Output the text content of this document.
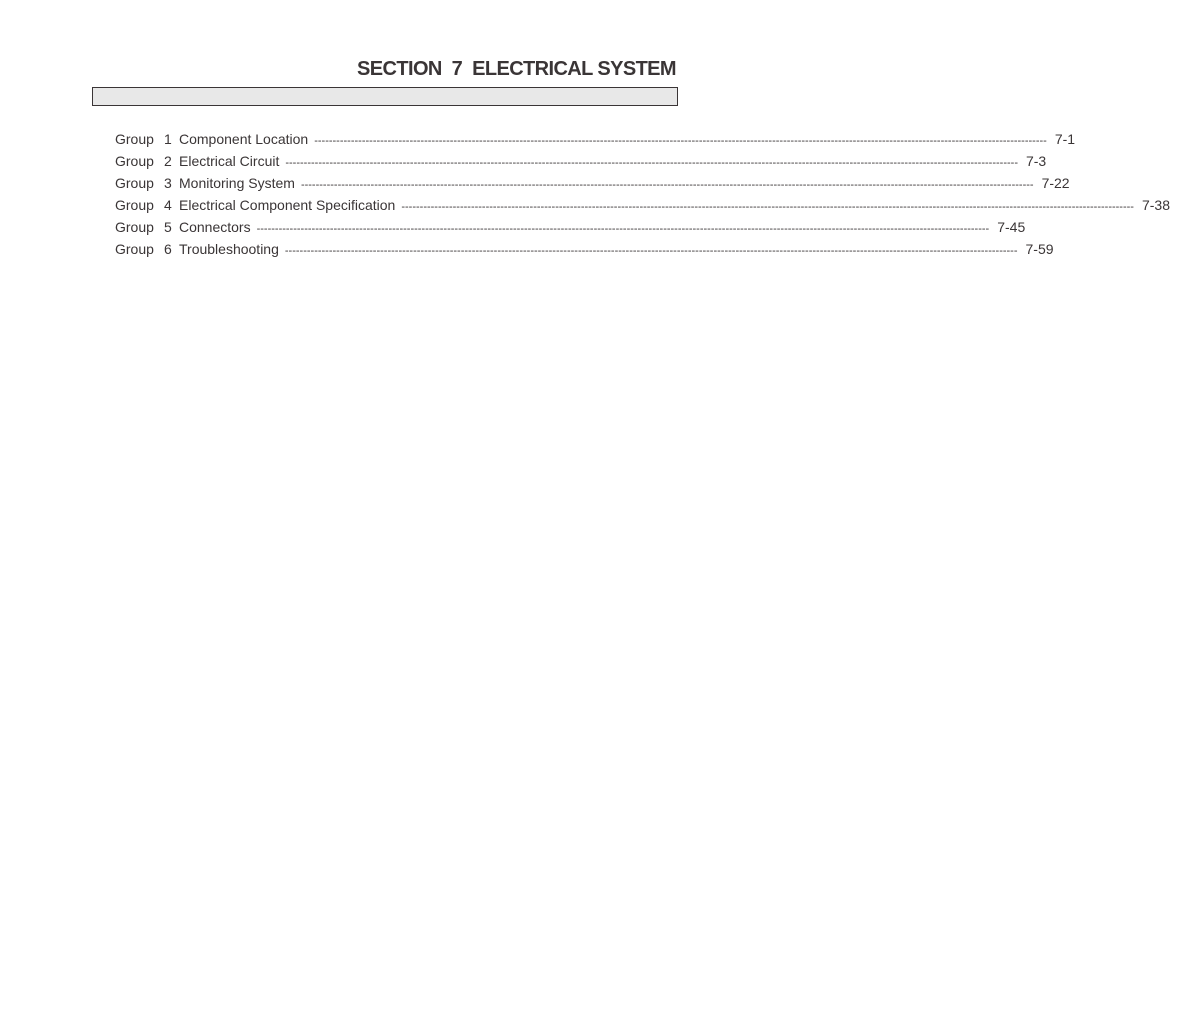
SECTION  7  ELECTRICAL SYSTEM
Group 1 Component Location -------------------------------------------------------------------------------------------------------------------------------------------------------------------------------------------------------- 7-1
Group 2 Electrical Circuit -------------------------------------------------------------------------------------------------------------------------------------------------------------------------------------------------------- 7-3
Group 3 Monitoring System -------------------------------------------------------------------------------------------------------------------------------------------------------------------------------------------------------- 7-22
Group 4 Electrical Component Specification -------------------------------------------------------------------------------------------------------------------------------------------------------------------------------------------------------- 7-38
Group 5 Connectors -------------------------------------------------------------------------------------------------------------------------------------------------------------------------------------------------------- 7-45
Group 6 Troubleshooting -------------------------------------------------------------------------------------------------------------------------------------------------------------------------------------------------------- 7-59
